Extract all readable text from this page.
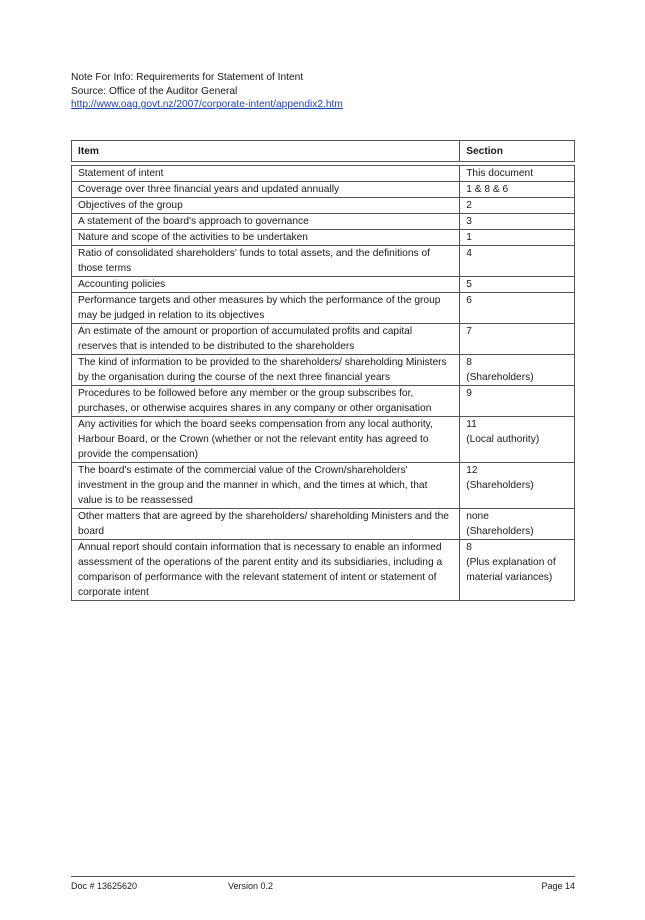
Note For Info: Requirements for Statement of Intent
Source: Office of the Auditor General
http://www.oag.govt.nz/2007/corporate-intent/appendix2.htm
Item	Section

Statement of intent	This document

Coverage over three financial years and updated annually	1 & 8 & 6

Objectives of the group	2

A statement of the board's approach to governance	3

Nature and scope of the activities to be undertaken	1

Ratio of consolidated shareholders' funds to total assets, and the definitions of those terms	4

Accounting policies	5

Performance targets and other measures by which the performance of the group may be judged in relation to its objectives	6

An estimate of the amount or proportion of accumulated profits and capital reserves that is intended to be distributed to the shareholders	7

The kind of information to be provided to the shareholders/ shareholding Ministers by the organisation during the course of the next three financial years	8
(Shareholders)

Procedures to be followed before any member or the group subscribes for, purchases, or otherwise acquires shares in any company or other organisation	9

Any activities for which the board seeks compensation from any local authority, Harbour Board, or the Crown (whether or not the relevant entity has agreed to provide the compensation)	11
(Local authority)

The board's estimate of the commercial value of the Crown/shareholders' investment in the group and the manner in which, and the times at which, that value is to be reassessed	12
(Shareholders)

Other matters that are agreed by the shareholders/ shareholding Ministers and the board	none
(Shareholders)

Annual report should contain information that is necessary to enable an informed assessment of the operations of the parent entity and its subsidiaries, including a comparison of performance with the relevant statement of intent or statement of corporate intent	8
(Plus explanation of material variances)
Doc # 13625620	Version 0.2	Page 14
